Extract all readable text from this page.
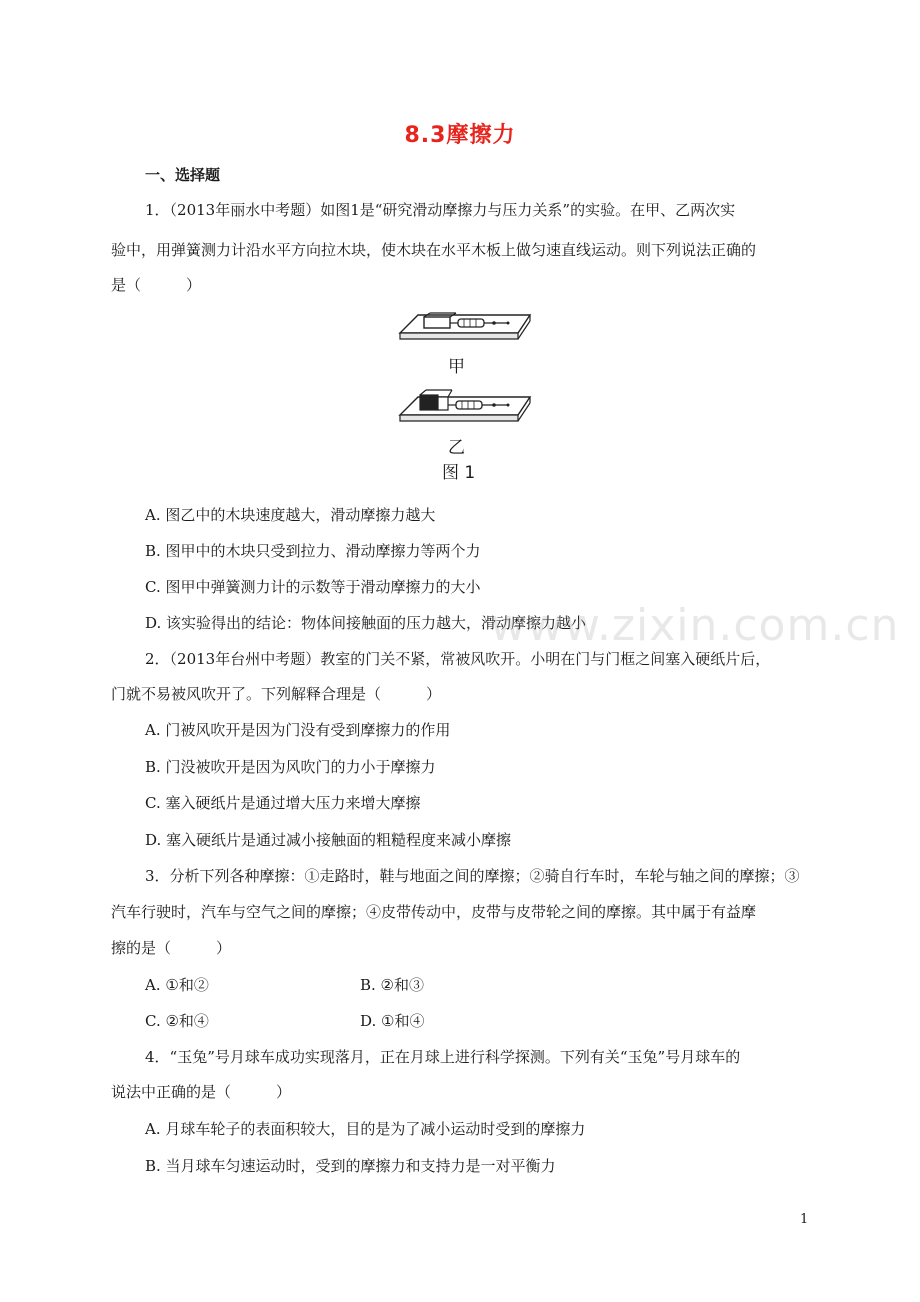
8.3摩擦力
一、选择题
1．（2013年丽水中考题）如图1是“研究滑动摩擦力与压力关系”的实验。在甲、乙两次实
验中，用弹簧测力计沿水平方向拉木块，使木块在水平木板上做匀速直线运动。则下列说法正确的
是（　　　）
甲
乙
图 1
A. 图乙中的木块速度越大，滑动摩擦力越大
B. 图甲中的木块只受到拉力、滑动摩擦力等两个力
C. 图甲中弹簧测力计的示数等于滑动摩擦力的大小
D. 该实验得出的结论：物体间接触面的压力越大，滑动摩擦力越小
www.zixin.com.cn
2．（2013年台州中考题）教室的门关不紧，常被风吹开。小明在门与门框之间塞入硬纸片后，
门就不易被风吹开了。下列解释合理是（　　　）
A. 门被风吹开是因为门没有受到摩擦力的作用
B. 门没被吹开是因为风吹门的力小于摩擦力
C. 塞入硬纸片是通过增大压力来增大摩擦
D. 塞入硬纸片是通过减小接触面的粗糙程度来减小摩擦
3．分析下列各种摩擦：①走路时，鞋与地面之间的摩擦；②骑自行车时，车轮与轴之间的摩擦；③
汽车行驶时，汽车与空气之间的摩擦；④皮带传动中，皮带与皮带轮之间的摩擦。其中属于有益摩
擦的是（　　　）
A. ①和②	B. ②和③
C. ②和④	D. ①和④
4．“玉兔”号月球车成功实现落月，正在月球上进行科学探测。下列有关“玉兔”号月球车的
说法中正确的是（　　　）
A. 月球车轮子的表面积较大，目的是为了减小运动时受到的摩擦力
B. 当月球车匀速运动时，受到的摩擦力和支持力是一对平衡力
1
